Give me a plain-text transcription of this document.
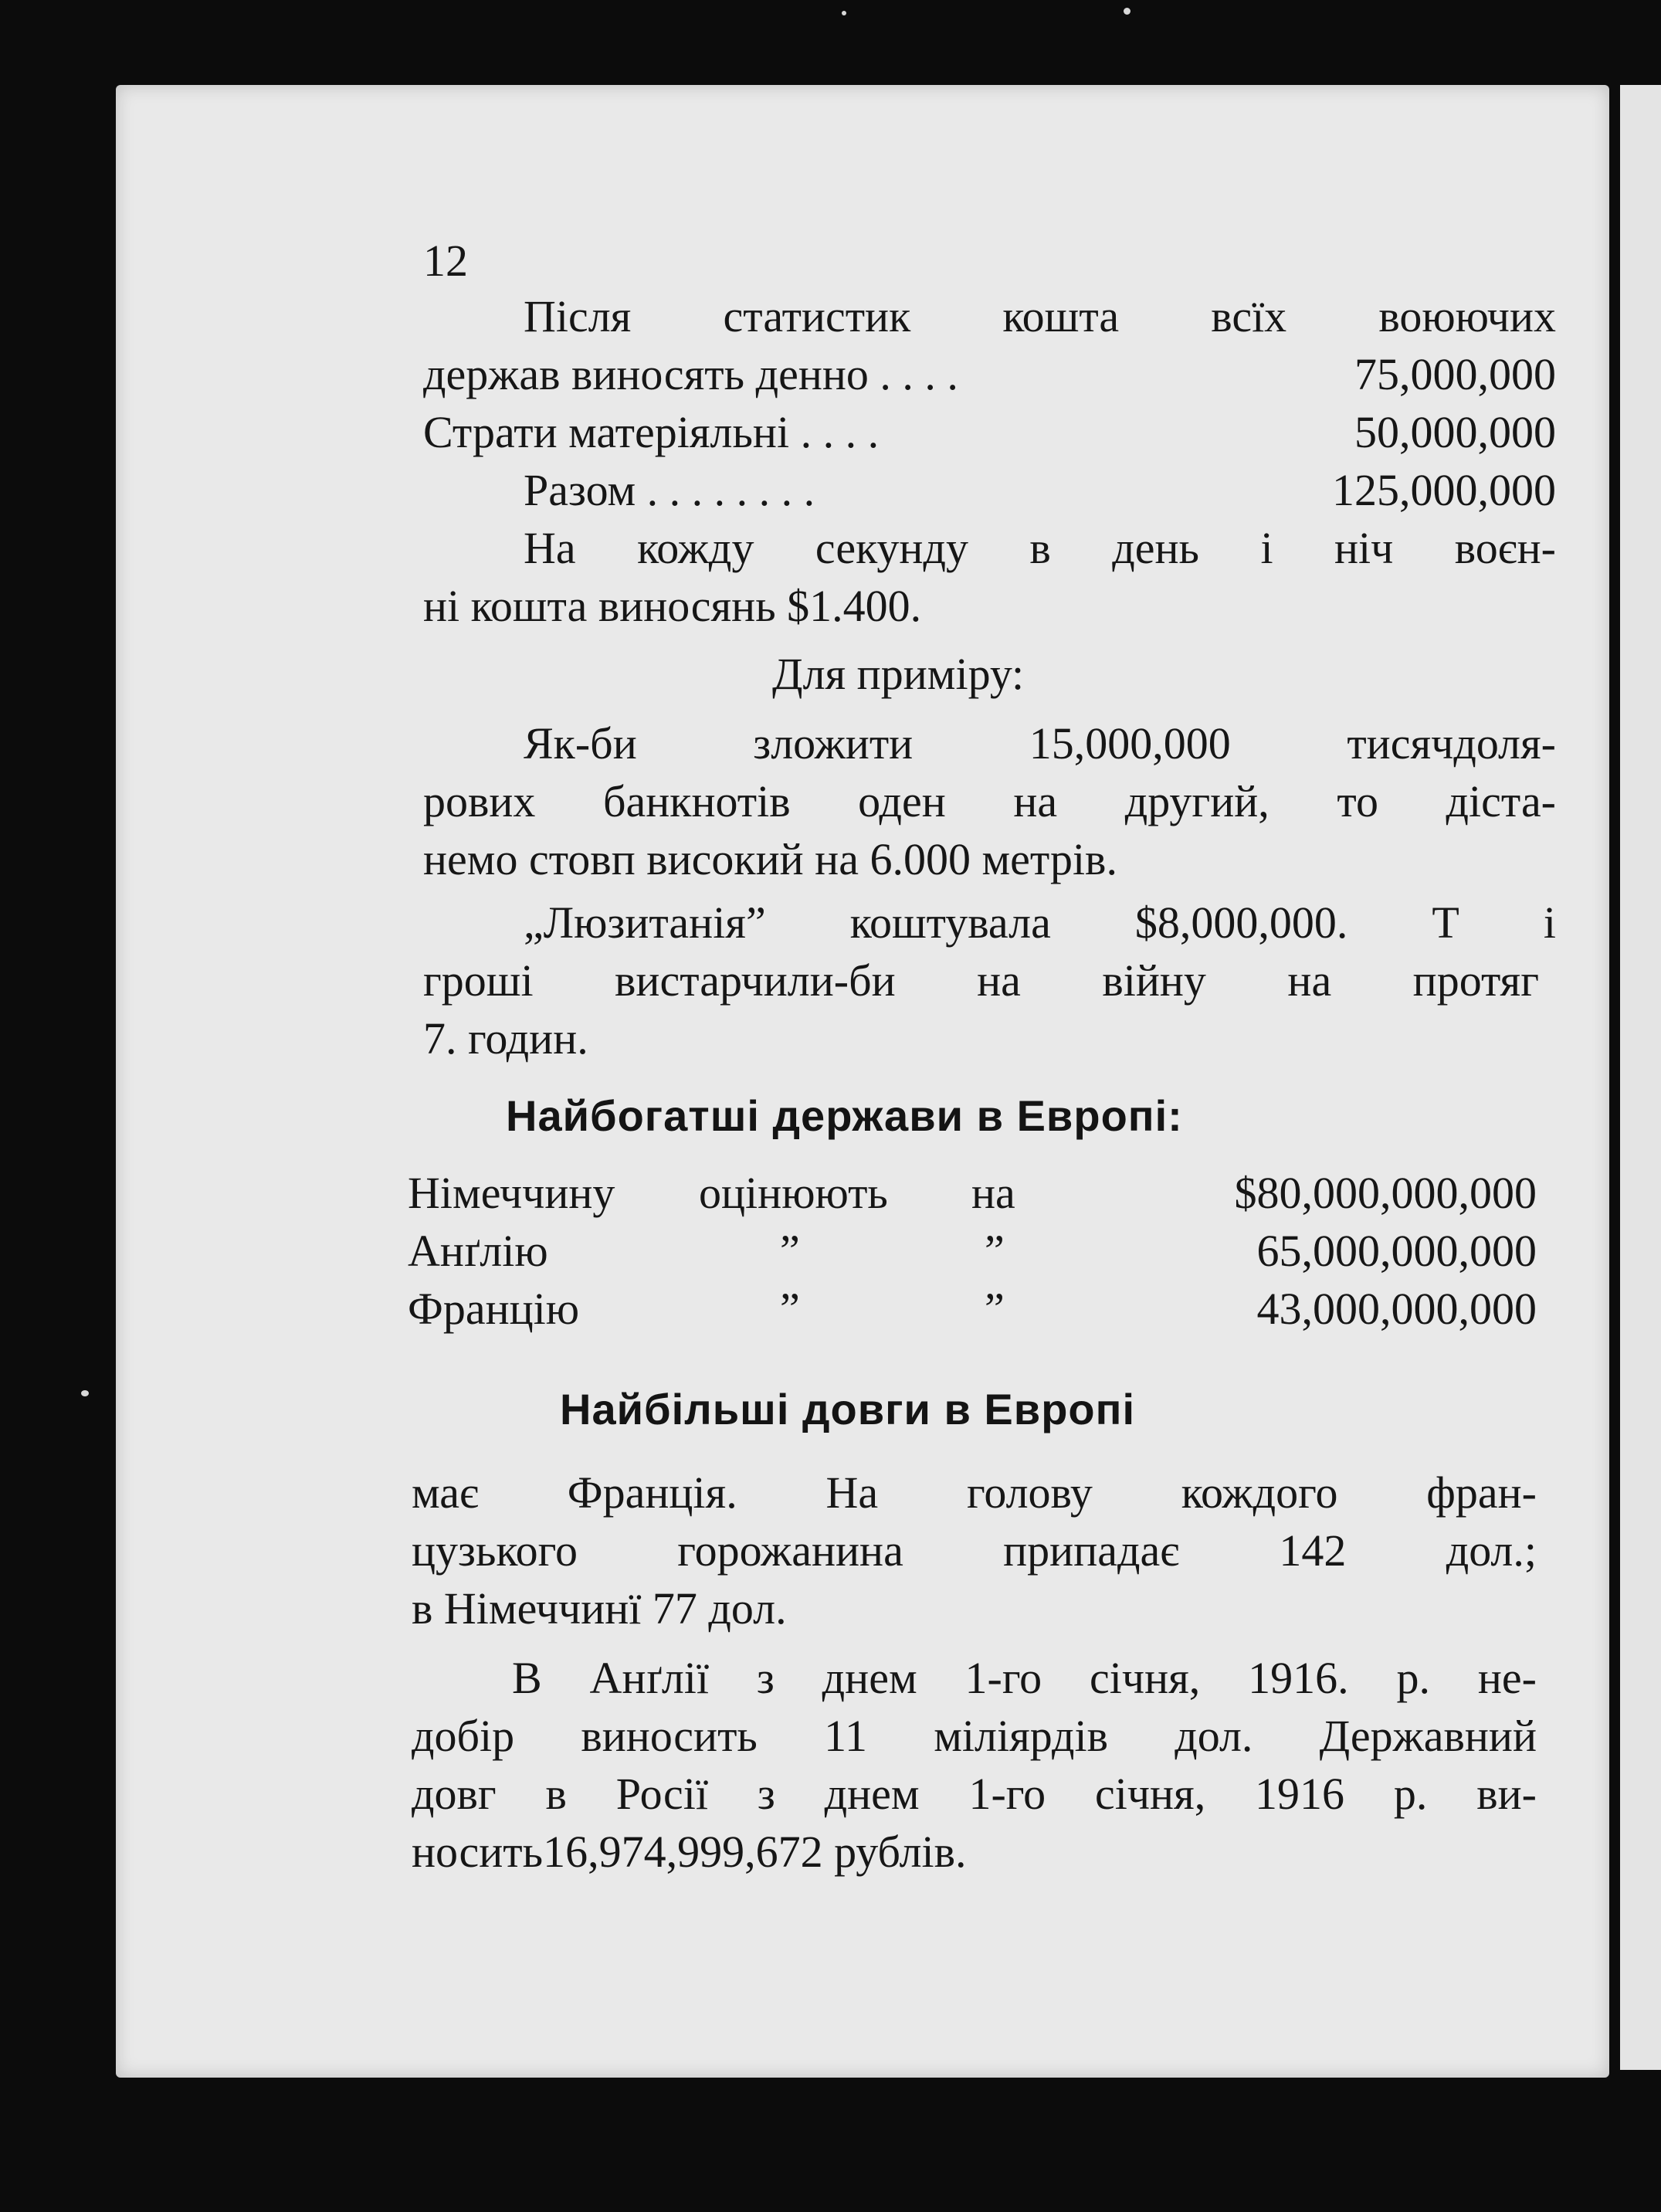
12
Після статистик кошта всїх воюючих
держав виносять денно . . . .	75,000,000
Страти матеріяльні . . . .	50,000,000
Разом . . . . . . . .	125,000,000
На кожду секунду в день і ніч воєн-
ні кошта виносянь $1.400.
Для приміру:
Як-би зложити 15,000,000 тисячдоля-
рових банкнотів оден на другий, то діста-
немо стовп високий на 6.000 метрів.
„Люзитанія” коштувала $8,000,000. Т і
гроші вистарчили-би на війну на протяг
7. годин.
Найбогатші держави в Европі:
Німеччину оцінюють на	$80,000,000,000
Анґлію	”	”	65,000,000,000
Францію	”	”	43,000,000,000
Найбільші довги в Европі
має Франція. На голову кождого фран-
цузького горожанина припадає 142 дол.;
в Німеччинї 77 дол.
В Анґлії з днем 1-го січня, 1916. р. не-
добір виносить 11 міліярдів дол. Державний
довг в Росії з днем 1-го січня, 1916 р. ви-
носить16,974,999,672 рублів.
